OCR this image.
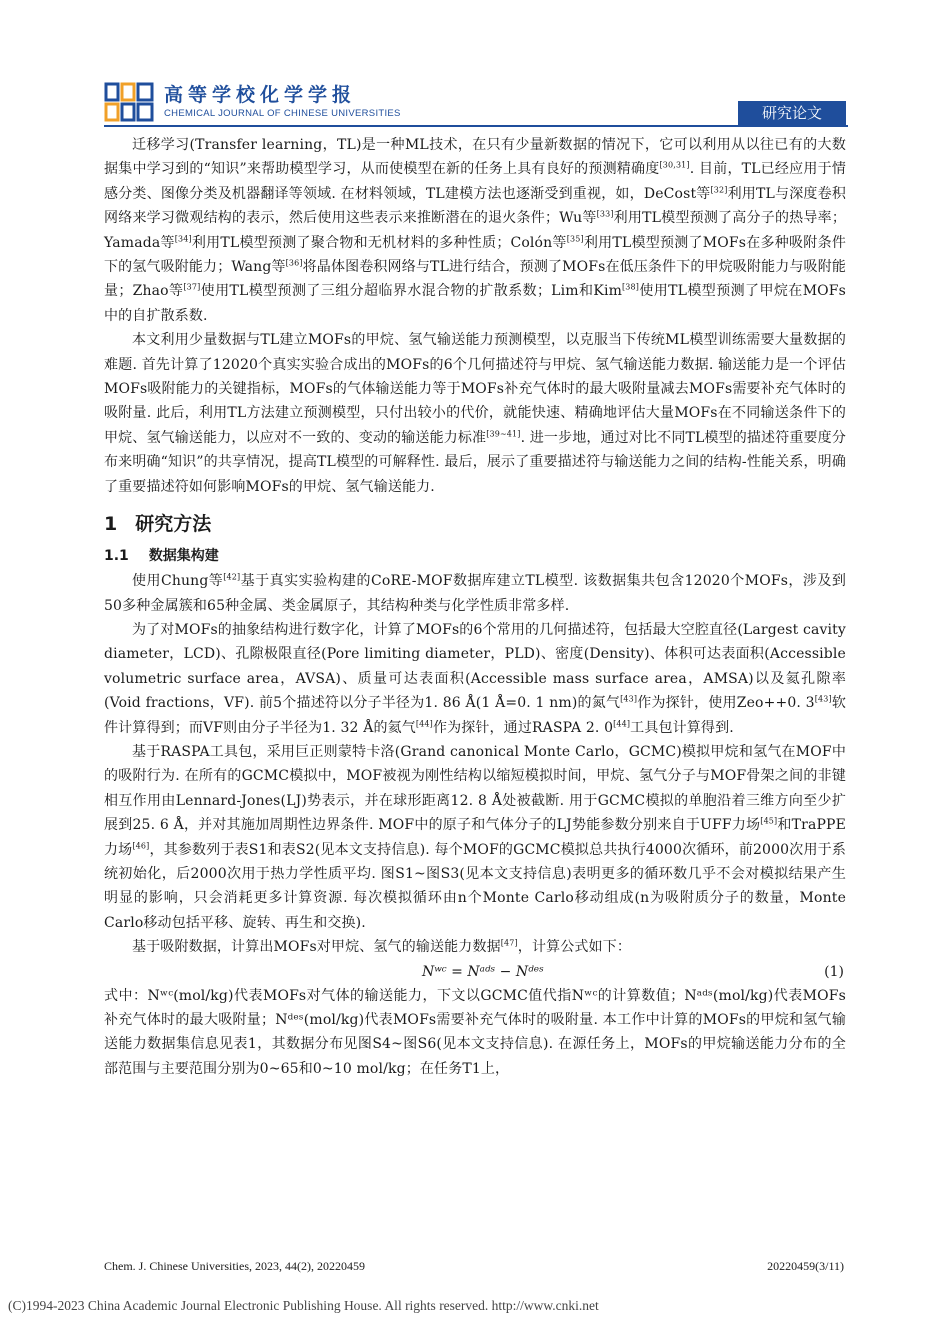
高等学校化学学报
CHEMICAL JOURNAL OF CHINESE UNIVERSITIES	研究论文

迁移学习(Transfer learning，TL)是一种ML技术，在只有少量新数据的情况下，它可以利用从以往已有的大数据集中学习到的“知识”来帮助模型学习，从而使模型在新的任务上具有良好的预测精确度[30,31]. 目前，TL已经应用于情感分类、图像分类及机器翻译等领域. 在材料领域，TL建模方法也逐渐受到重视，如，DeCost等[32]利用TL与深度卷积网络来学习微观结构的表示，然后使用这些表示来推断潜在的退火条件；Wu等[33]利用TL模型预测了高分子的热导率；Yamada等[34]利用TL模型预测了聚合物和无机材料的多种性质；Colón等[35]利用TL模型预测了MOFs在多种吸附条件下的氢气吸附能力；Wang等[36]将晶体图卷积网络与TL进行结合，预测了MOFs在低压条件下的甲烷吸附能力与吸附能量；Zhao等[37]使用TL模型预测了三组分超临界水混合物的扩散系数；Lim和Kim[38]使用TL模型预测了甲烷在MOFs中的自扩散系数.

本文利用少量数据与TL建立MOFs的甲烷、氢气输送能力预测模型，以克服当下传统ML模型训练需要大量数据的难题. 首先计算了12020个真实实验合成出的MOFs的6个几何描述符与甲烷、氢气输送能力数据. 输送能力是一个评估MOFs吸附能力的关键指标，MOFs的气体输送能力等于MOFs补充气体时的最大吸附量减去MOFs需要补充气体时的吸附量. 此后，利用TL方法建立预测模型，只付出较小的代价，就能快速、精确地评估大量MOFs在不同输送条件下的甲烷、氢气输送能力，以应对不一致的、变动的输送能力标准[39~41]. 进一步地，通过对比不同TL模型的描述符重要度分布来明确“知识”的共享情况，提高TL模型的可解释性. 最后，展示了重要描述符与输送能力之间的结构-性能关系，明确了重要描述符如何影响MOFs的甲烷、氢气输送能力.

1 研究方法
1.1 数据集构建

使用Chung等[42]基于真实实验构建的CoRE-MOF数据库建立TL模型. 该数据集共包含12020个MOFs，涉及到50多种金属簇和65种金属、类金属原子，其结构种类与化学性质非常多样.

为了对MOFs的抽象结构进行数字化，计算了MOFs的6个常用的几何描述符，包括最大空腔直径(Largest cavity diameter，LCD)、孔隙极限直径(Pore limiting diameter，PLD)、密度(Density)、体积可达表面积(Accessible volumetric surface area，AVSA)、质量可达表面积(Accessible mass surface area，AMSA)以及氦孔隙率(Void fractions，VF). 前5个描述符以分子半径为1. 86 Å(1 Å=0. 1 nm)的氮气[43]作为探针，使用Zeo++0. 3[43]软件计算得到；而VF则由分子半径为1. 32 Å的氦气[44]作为探针，通过RASPA 2. 0[44]工具包计算得到.

基于RASPA工具包，采用巨正则蒙特卡洛(Grand canonical Monte Carlo，GCMC)模拟甲烷和氢气在MOF中的吸附行为. 在所有的GCMC模拟中，MOF被视为刚性结构以缩短模拟时间，甲烷、氢气分子与MOF骨架之间的非键相互作用由Lennard-Jones(LJ)势表示，并在球形距离12. 8 Å处被截断. 用于GCMC模拟的单胞沿着三维方向至少扩展到25. 6 Å，并对其施加周期性边界条件. MOF中的原子和气体分子的LJ势能参数分别来自于UFF力场[45]和TraPPE力场[46]，其参数列于表S1和表S2(见本文支持信息). 每个MOF的GCMC模拟总共执行4000次循环，前2000次用于系统初始化，后2000次用于热力学性质平均. 图S1~图S3(见本文支持信息)表明更多的循环数几乎不会对模拟结果产生明显的影响，只会消耗更多计算资源. 每次模拟循环由n个Monte Carlo移动组成(n为吸附质分子的数量，Monte Carlo移动包括平移、旋转、再生和交换).

基于吸附数据，计算出MOFs对甲烷、氢气的输送能力数据[47]，计算公式如下：

Nʷᶜ = Nᵃᵈˢ − Nᵈᵉˢ	(1)

式中：Nʷᶜ(mol/kg)代表MOFs对气体的输送能力，下文以GCMC值代指Nʷᶜ的计算数值；Nᵃᵈˢ(mol/kg)代表MOFs补充气体时的最大吸附量；Nᵈᵉˢ(mol/kg)代表MOFs需要补充气体时的吸附量. 本工作中计算的MOFs的甲烷和氢气输送能力数据集信息见表1，其数据分布见图S4~图S6(见本文支持信息). 在源任务上，MOFs的甲烷输送能力分布的全部范围与主要范围分别为0~65和0~10 mol/kg；在任务T1上，

Chem. J. Chinese Universities, 2023, 44(2), 20220459	20220459(3/11)
(C)1994-2023 China Academic Journal Electronic Publishing House. All rights reserved. http://www.cnki.net
